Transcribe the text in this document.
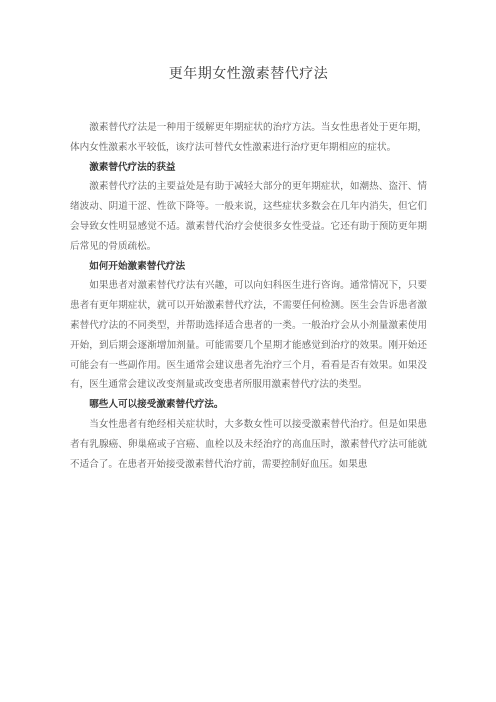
更年期女性激素替代疗法

激素替代疗法是一种用于缓解更年期症状的治疗方法。当女性患者处于更年期，体内女性激素水平较低，该疗法可替代女性激素进行治疗更年期相应的症状。

激素替代疗法的获益

激素替代疗法的主要益处是有助于减轻大部分的更年期症状，如潮热、盗汗、情绪波动、阴道干涩、性欲下降等。一般来说，这些症状多数会在几年内消失，但它们会导致女性明显感觉不适。激素替代治疗会使很多女性受益。它还有助于预防更年期后常见的骨质疏松。

如何开始激素替代疗法

如果患者对激素替代疗法有兴趣，可以向妇科医生进行咨询。通常情况下，只要患者有更年期症状，就可以开始激素替代疗法，不需要任何检测。医生会告诉患者激素替代疗法的不同类型，并帮助选择适合患者的一类。一般治疗会从小剂量激素使用开始，到后期会逐渐增加剂量。可能需要几个星期才能感觉到治疗的效果。刚开始还可能会有一些副作用。医生通常会建议患者先治疗三个月，看看是否有效果。如果没有，医生通常会建议改变剂量或改变患者所服用激素替代疗法的类型。

哪些人可以接受激素替代疗法。

当女性患者有绝经相关症状时，大多数女性可以接受激素替代治疗。但是如果患者有乳腺癌、卵巢癌或子宫癌、血栓以及未经治疗的高血压时，激素替代疗法可能就不适合了。在患者开始接受激素替代治疗前，需要控制好血压。如果患
